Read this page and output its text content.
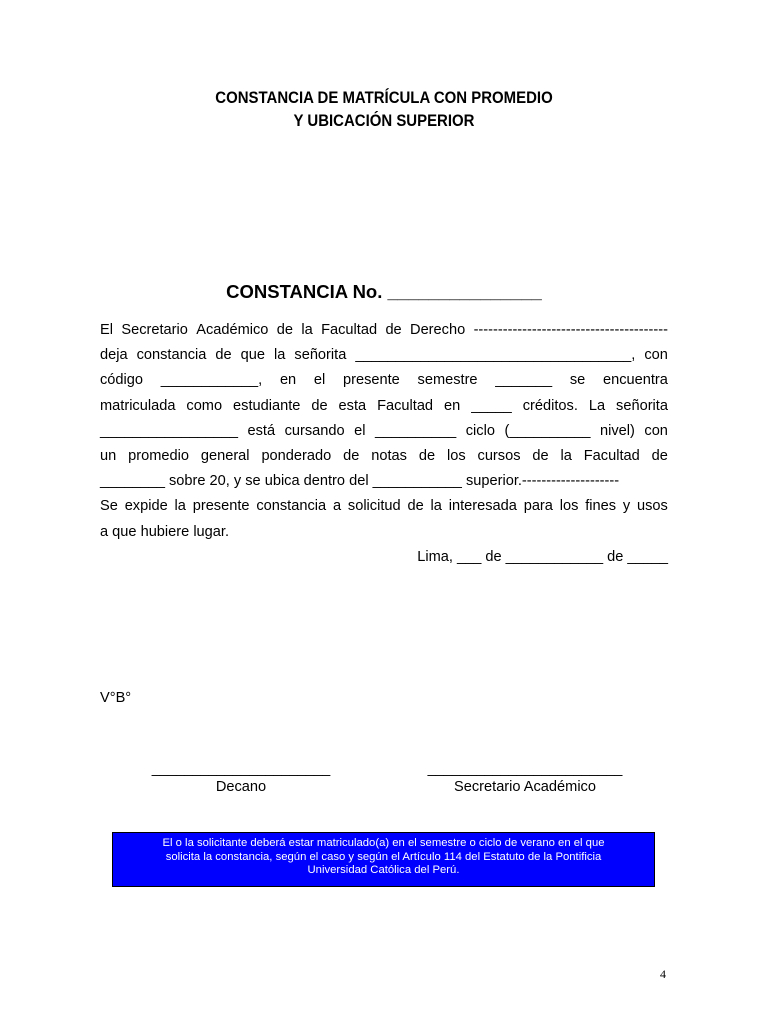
CONSTANCIA DE MATRÍCULA CON PROMEDIO
Y UBICACIÓN SUPERIOR
CONSTANCIA No. _______________
El Secretario Académico de la Facultad de Derecho ----------------------------------------
deja constancia de que la señorita __________________________________, con
código ____________, en el presente semestre _______ se encuentra
matriculada como estudiante de esta Facultad en _____ créditos. La señorita
_________________ está cursando el __________ ciclo (__________ nivel) con
un promedio general ponderado de notas de los cursos de la Facultad de
________ sobre 20, y se ubica dentro del ___________ superior.--------------------
Se expide la presente constancia a solicitud de la interesada para los fines y usos
a que hubiere lugar.
Lima, ___ de ____________ de _____
V°B°
______________________
Decano
________________________
Secretario Académico
El o la solicitante deberá estar matriculado(a) en el semestre o ciclo de verano en el que
solicita la constancia, según el caso y según el Artículo 114 del Estatuto de la Pontificia
Universidad Católica del Perú.
4
